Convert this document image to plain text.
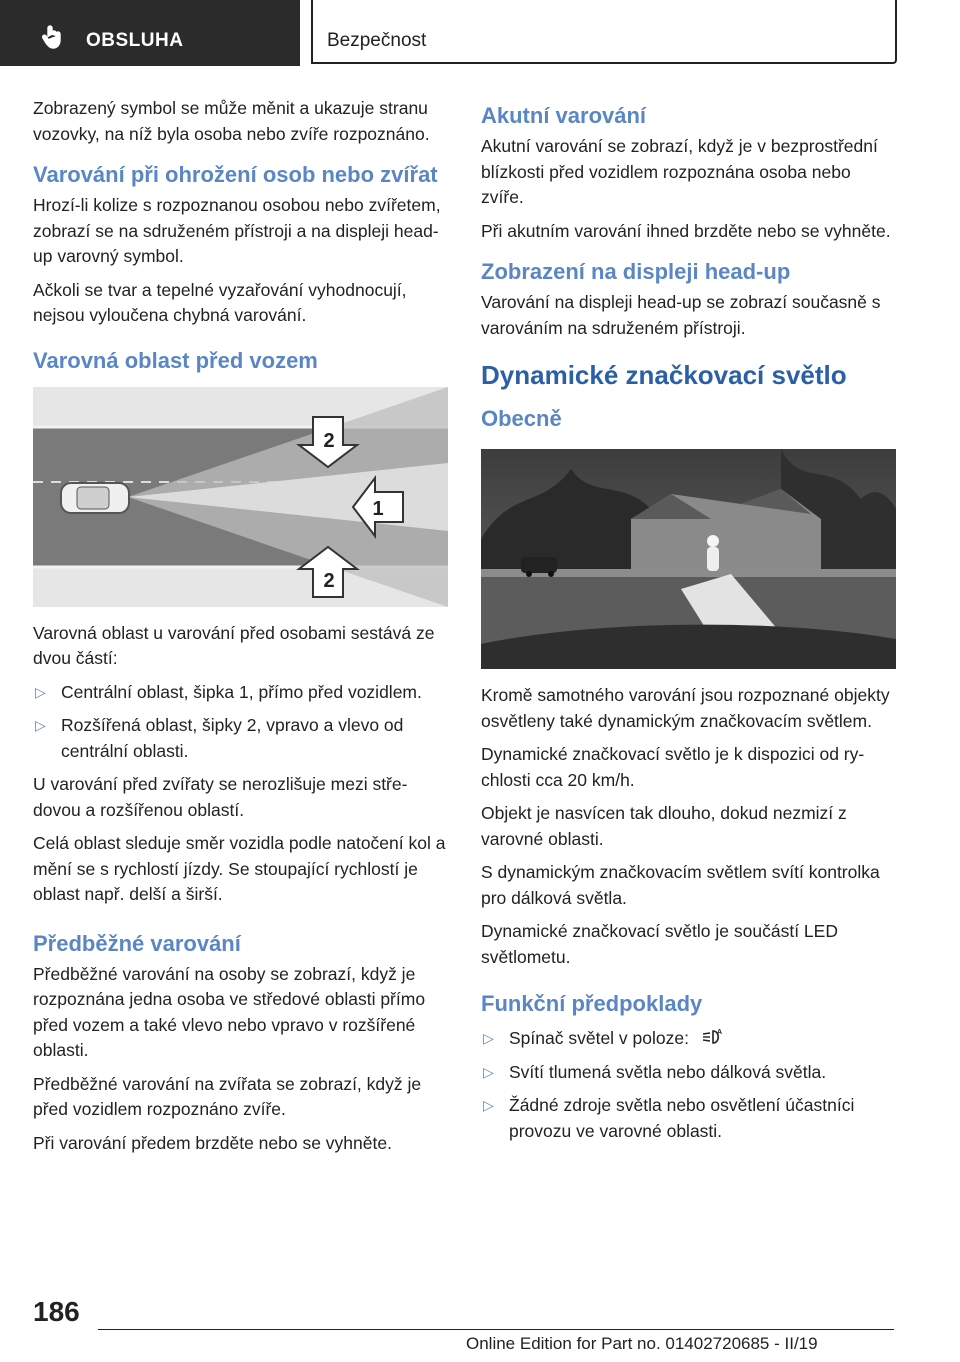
OBSLUHA	Bezpečnost

Zobrazený symbol se může měnit a ukazuje stranu vozovky, na níž byla osoba nebo zvíře rozpoznáno.

Varování při ohrožení osob nebo zvířat

Hrozí-li kolize s rozpoznanou osobou nebo zvířetem, zobrazí se na sdruženém přístroji a na displeji head-up varovný symbol.

Ačkoli se tvar a tepelné vyzařování vyhodnocují, nejsou vyloučena chybná varování.

Varovná oblast před vozem
2
1
2

Varovná oblast u varování před osobami sestává ze dvou částí:

▷ Centrální oblast, šipka 1, přímo před vozidlem.
▷ Rozšířená oblast, šipky 2, vpravo a vlevo od centrální oblasti.

U varování před zvířaty se nerozlišuje mezi středovou a rozšířenou oblastí.

Celá oblast sleduje směr vozidla podle natočení kol a mění se s rychlostí jízdy. Se stoupající rychlostí je oblast např. delší a širší.

Předběžné varování

Předběžné varování na osoby se zobrazí, když je rozpoznána jedna osoba ve středové oblasti přímo před vozem a také vlevo nebo vpravo v rozšířené oblasti.

Předběžné varování na zvířata se zobrazí, když je před vozidlem rozpoznáno zvíře.

Při varování předem brzděte nebo se vyhněte.

Akutní varování

Akutní varování se zobrazí, když je v bezprostřední blízkosti před vozidlem rozpoznána osoba nebo zvíře.

Při akutním varování ihned brzděte nebo se vyhněte.

Zobrazení na displeji head-up

Varování na displeji head-up se zobrazí současně s varováním na sdruženém přístroji.

Dynamické značkovací světlo
Obecně

Kromě samotného varování jsou rozpoznané objekty osvětleny také dynamickým značkovacím světlem.

Dynamické značkovací světlo je k dispozici od rychlosti cca 20 km/h.

Objekt je nasvícen tak dlouho, dokud nezmizí z varovné oblasti.

S dynamickým značkovacím světlem svítí kontrolka pro dálková světla.

Dynamické značkovací světlo je součástí LED světlometu.

Funkční předpoklady
▷ Spínač světel v poloze:	A
▷ Svítí tlumená světla nebo dálková světla.
▷ Žádné zdroje světla nebo osvětlení účastníci provozu ve varovné oblasti.
186
Online Edition for Part no. 01402720685 - II/19
